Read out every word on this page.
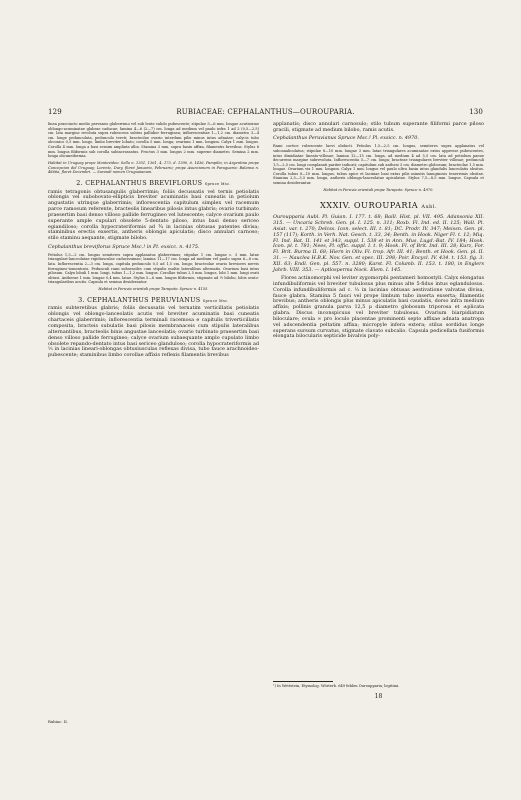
129	RUBIACEAE: CEPHALANTHUS—OUROUPARIA.	130

linea praecincto medio pervaneo glaberrimo vel sub lente valido pubescente; stipulae 5—6 mm. longae acutissime oblongo-acuminatae glabrae caducae; lamina 4—6 (2—7) cm. longa ad medium vel paulo infra 1 ad 2 (0,5—2,5) cm. lata marginc revoluta supra rubescens subtus pallidior ferruginea; inflorescentiae 1—1,2 cm. diametro 3—4 cm. longe pedunculata, pedunculo tereti; bracteolae ovario interdum pilis minus intus adnatae; calycis tubo obconico 0,5 mm. longo, limbo breviter lobato; corolla 5 mm. longa; ovarium 1 mm. longum. Calyx 1 mm. longus. Corolla 4 mm. longa a basi sensim ampliata alba. Stamina 3 mm. supra basin affixa, filamentis brevibus. Stylus 6 mm. longus filiformis sub corolla subincrassatus. Fructus 3 mm. longus 2 mm. superne diametro. Semina 2 mm. longa obcuneiformia.

Habitat in Uruguay prope Montevideo: Sello n. 1351, 1361, 4, 173, d. 1390, 6. 1436, Pampilio; in Argentina prope Concepcion del Uruguay; Lorentz, Dury, floret Januario, Februario; prope Asuncionem in Paraguaria: Balansa n. 4866a, floret Decembri. — Sarandi nomen Uruguaianum.

2. CEPHALANTHUS BREVIFLORUS Spruce Msc.

ramis tetragonis obtusangulis glaberrimis; foliis decussatis vel ternis petiolatis oblongis vel subobovato-ellipticis breviter acuminatis basi cuneatis in petiolum angustatis utrinque glaberrimis; inflorescentia capitulum simplex vel racemum parce ramosum referente, bracteolis linearibus pilosis intus glabris; ovario turbinato praesertim basi denso villoso pallide ferrugineo vel lutescente; calyce ovarium paulo superante ample cupulari obsolete 5-dentato piloso, intus basi denso sericeo egiandiloso; corolla hypocrateriformis ad ¾ in lacinias obtusas patentes divisa; staminibus erectis exsertis, antheris oblongis apiculatis; disco annulari carnoso; stilo staminu aequante, stigmate bilobo.

Cephalanthus breviflorus Spruce Msc.! in Pl. exsicc. n. 4175.

Petiolus 1,5—2 cm. longus semiteres supra applanatus glaberrimus; stipulae 1 cm. longae c. 3 mm. latae triangulari-lanceolatae rigidiusculae caducissimae; lamina 11—17 cm. longa ad medium vel paulo supra 6—8 cm. lata. Inflorescentia 2—3 cm. longa, capitula pedunculo 0,5 ad 1,5 cm. longo; bracteolae ovario breviores nervis ferrugineo-tomentosis. Pedunculi rami subsessiles cum stipulis multis lateralibus alternatis. Ovarium basi intus pilosum. Calyx lobuli 1 mm. longi, tubus 1—1,2 mm. longus. Corollae tubus 2,5 mm. longus, lobi 1 mm. longi ovati obtusi. Antherae 1 mm. longae 0,4 mm. latae. Stylus 5—6 mm. longus filiformis, stigmate ad ⅓ bilobo, lobis ovato-triangularibus acutis. Capsula et semina desiderantur.

Habitat in Peruvia orientali prope Tarapoto: Spruce n. 4155.

3. CEPHALANTHUS PERUVIANUS Spruce Msc.

ramis subteretibus glabris; foliis decussatis vel ternatim verticillatis petiolatis oblongis vel oblongo-lanceolatis acutis vel breviter acuminatis basi cuneatis chartaceis glaberrimis; inflorescentia terminali racemosa e capitulis triverticillatis composita, bracteis subulatis basi pilosis membranaceis cum stipulis lateralibus alternantibus, bracteolis binis angustae lanceolatis; ovario turbinato praesertim basi denso villoso pallide ferrugineo; calyce ovarium subaequante amplo cupulato limbo obsolete repando-dentato intus basi sericeo glanduloso; corolla hypocrateriformis ad ⅓ in lacinias lineari-oblongas obtusiusculas reflexas divisa, tubo fauce arachnoideo-pubescente; staminibus limbo corollae affixis reflexis filamentis brevibus

Rubiac. II.

applanatis; disco annulari carnosulo; stilo tubum superante filiformi parce piloso gracili, stigmate ad medium bilobo, ramis acutis.

Cephalanthus Peruvianus Spruce Msc.! Pl. exsicc. n. 4970.

Rami cortice rubescente laevi obducti. Petiolus 1,5—2,5 cm. longus, semiteres supra applanatus vel subcanaliculatus; stipulae 8—10 mm. longae 3 mm. latae triangulares acuminatae extus appresse pubescentes, intus dimidiatae lineato-villosae; lamina 12—15 cm. longa, ad medium 4 ad 5,5 cm. lata ad petiolum paene decurrens margine subrevoluta. Inflorescentia 5—7 cm. longa; bracteae triangulares breviter villosae; pedunculi 1,5—2,5 cm. longi complanati pariter indicati; capitulum sub anthesi 3 cm. diametro globosum; bracteolae 1,5 mm. longae. Ovarium vix 1 mm. longum. Calyx 1 mm. longus vel paulo ultra basin intus glandulis lanceolatis obsitus. Corolla tubus 8—10 mm. longus, tubus apice et laciniae basi extus pilis minutis lanuginosis tenerrimis obsitae. Stamina 2,5—3,5 mm. longa, antheris oblongo-lanceolatae apiculatae. Stylus 7,5—8,5 mm. longus. Capsula et semina desiderantur.

Habitat in Peruvia orientali prope Tarapoto: Spruce n. 4970.

XXXIV. OUROUPARIA Aubl.

Ouroupparia Aubl. Pl. Guian. I. 177. t. 68; Baill. Hist. pl. VII. 495. Adansonia XII. 315. — Uncaria Schreb. Gen. pl. I. 125. n. 311; Roxb. Fl. Ind. ed. II. 125; Wall. Pl. Asiat. var. t. 270; Delcss. Icon. select. III. t. 81; DC. Prodr. IV. 347; Meissn. Gen. pl. 157 (117); Korth. in Verh. Nat. Gesch. t. 33, 34; Benth. in Hook. Niger Fl. t. 12; Miq. Fl. Ind. Bat. II. 141 et 343, suppl. I. 538 et in Ann. Mus. Lugd.-Bat. IV. 184; Hook. Icon. pl. t. 781; Nees, Pl. offic. suppl. I. t. 9; Hook. Fl. of Brit. Ind. III. 28; Kurz, For. Fl. Brit. Burma II. 68; Hiern in Oliv. Fl. trop. Afr. III. 41; Benth. et Hook. Gen. pl. II. 31. — Nauclea H.B.K. Nov. Gen. et spec. III. 298; Poir. Encycl. IV. 434. t. 153. fig. 3. XII. 63; Endl. Gen. pl. 557. n. 3280; Karst. Fl. Columb. II. 153. t. 180, in Englers Jahrb. VIII. 353. — Aptlosperma Nock. Elem. I. 145.

Flores actinomorphi vel leviter zygomorphi pentameri homostyli. Calyx elongatus infundibuliformis vel breviter tubulosus plus minus alte 5-fidus intus eglandulosus. Corolla infundibuliformis ad c. ⅓ in lacinias obtusas aestivatione valvatas divisa, fauce glabra. Stamina 5 fauci vel prope limbum tubo inserta exserta; filamentis brevibus; antheris oblongis plus minus apiculatis basi caudatis, dorso infra medium affixis; pollinis granula parva 12,5 μ diametro globosum triporosa et ±plicata glabra. Discus inconspicuus vel breviter tubulosus. Ovarium biarpidiatum biloculare; ovula ∞ pro loculo placentae prominenti septo affixae adnata anatropa vel adscendentia peltatim affixa; micropyle infera extera; stilus sordidus longe superans sursum curvatus, stigmate clavato subcalio. Capsula pedicellata fusiformis elongata bilocularis septicide bivalvis poly-

¹) In Wettstein, Etymolog. Wörterb. 649 fehlen Ouroupparia; legitimi.
18
